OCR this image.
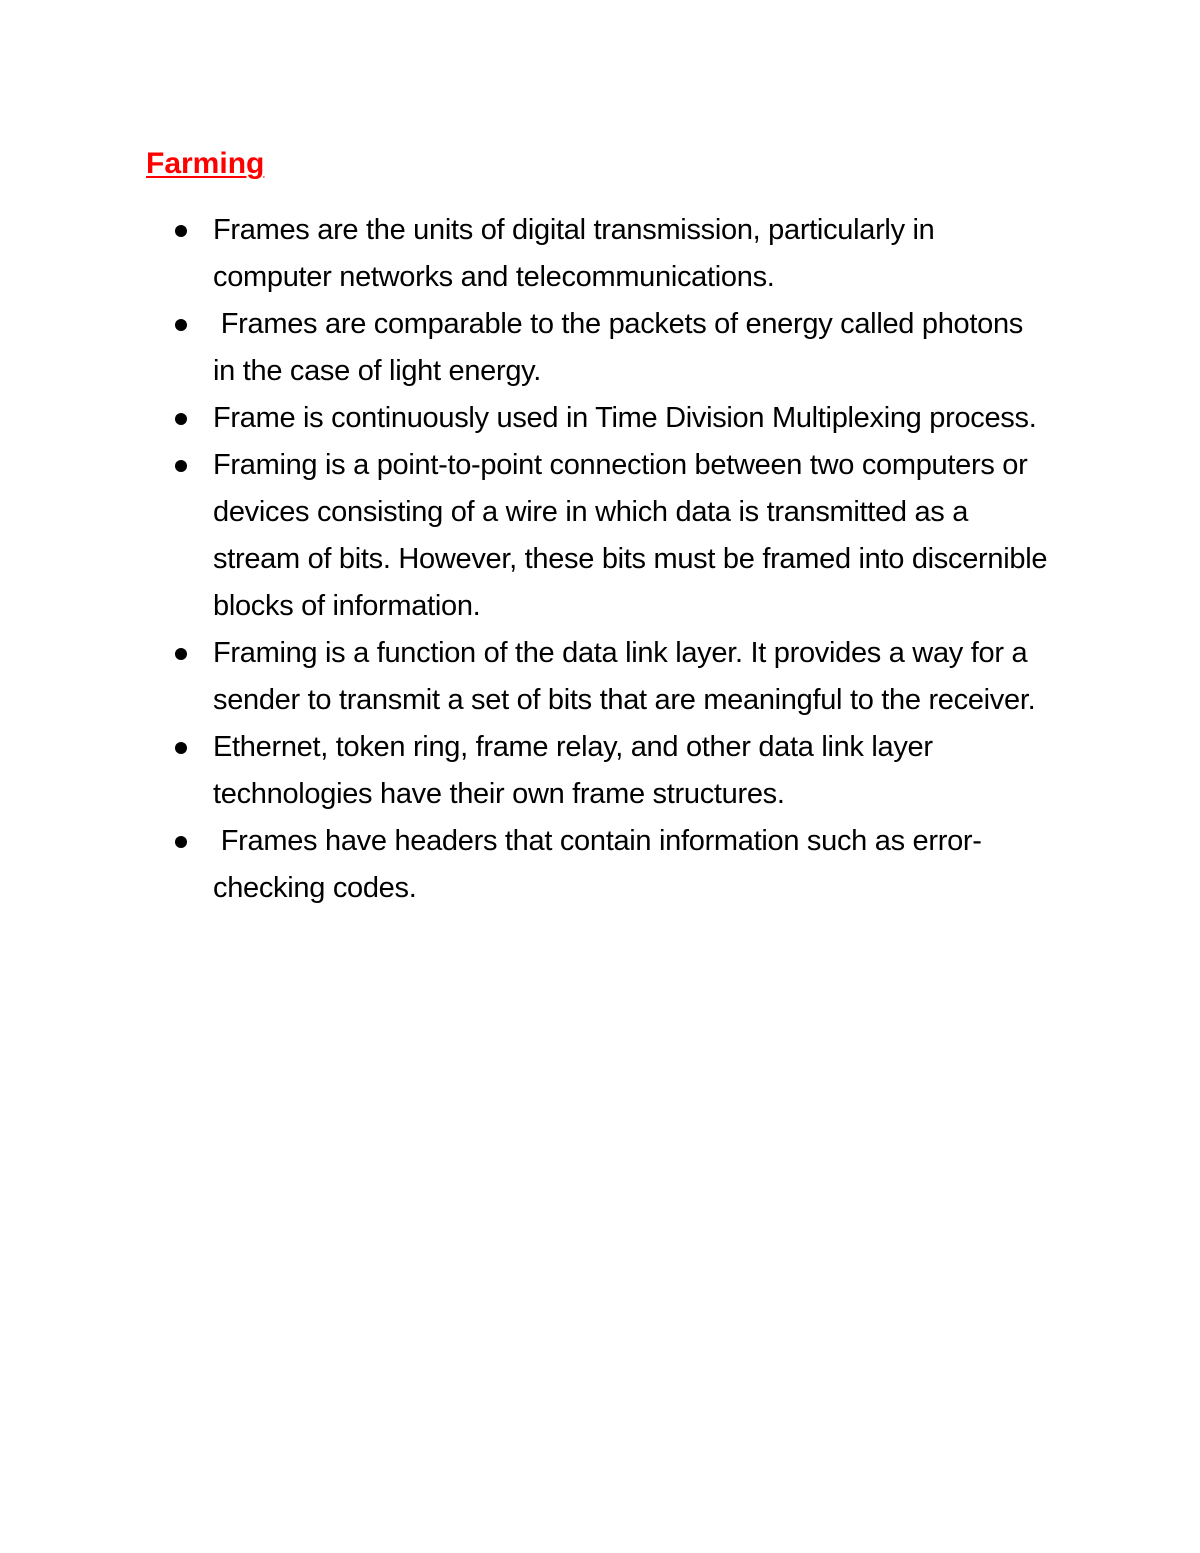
Farming
Frames are the units of digital transmission, particularly in computer networks and telecommunications.
Frames are comparable to the packets of energy called photons in the case of light energy.
Frame is continuously used in Time Division Multiplexing process.
Framing is a point-to-point connection between two computers or devices consisting of a wire in which data is transmitted as a stream of bits. However, these bits must be framed into discernible blocks of information.
Framing is a function of the data link layer. It provides a way for a sender to transmit a set of bits that are meaningful to the receiver.
Ethernet, token ring, frame relay, and other data link layer technologies have their own frame structures.
Frames have headers that contain information such as error-checking codes.
